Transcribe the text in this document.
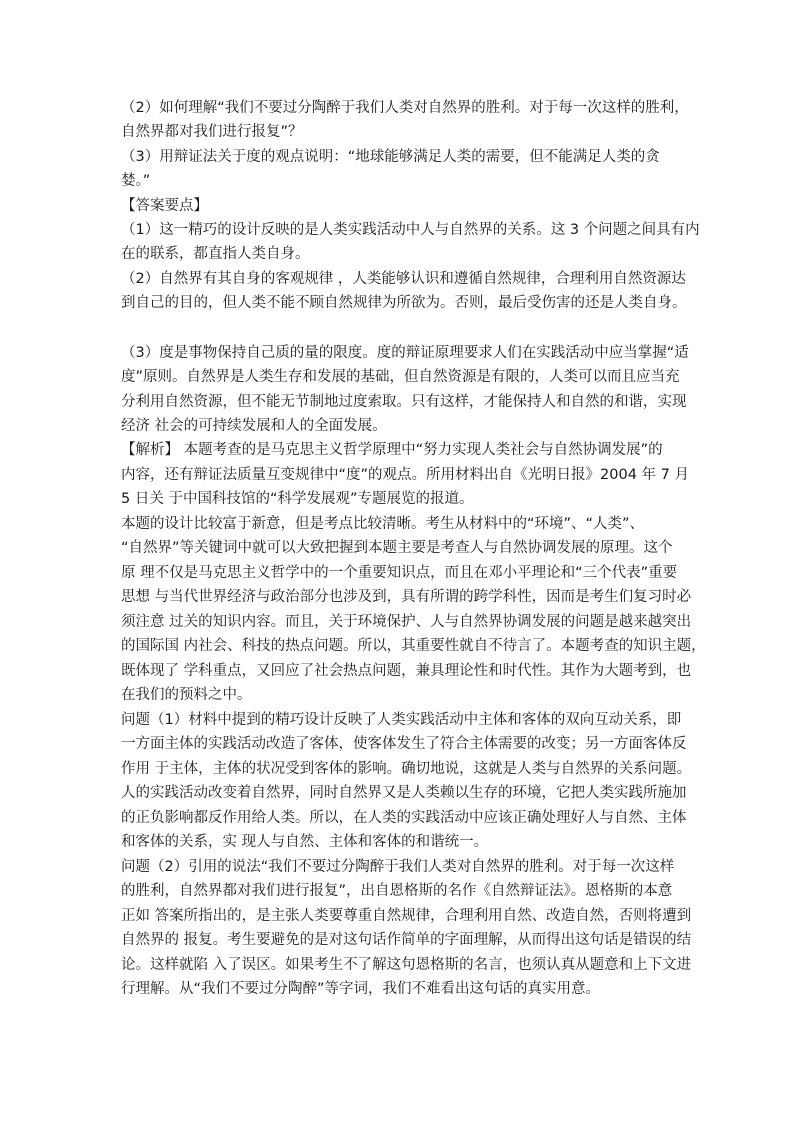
（2）如何理解“我们不要过分陶醉于我们人类对自然界的胜利。对于每一次这样的胜利，
自然界都对我们进行报复”？
（3）用辩证法关于度的观点说明：“地球能够满足人类的需要，但不能满足人类的贪
婪。”
【答案要点】
（1）这一精巧的设计反映的是人类实践活动中人与自然界的关系。这 3 个问题之间具有内
在的联系，都直指人类自身。
（2）自然界有其自身的客观规律 ，人类能够认识和遵循自然规律，合理利用自然资源达
到自己的目的，但人类不能不顾自然规律为所欲为。否则，最后受伤害的还是人类自身。
（3）度是事物保持自己质的量的限度。度的辩证原理要求人们在实践活动中应当掌握“适
度”原则。自然界是人类生存和发展的基础，但自然资源是有限的，人类可以而且应当充
分利用自然资源，但不能无节制地过度索取。只有这样，才能保持人和自然的和谐，实现
经济 社会的可持续发展和人的全面发展。
【解析】 本题考查的是马克思主义哲学原理中“努力实现人类社会与自然协调发展”的
内容，还有辩证法质量互变规律中“度”的观点。所用材料出自《光明日报》2004 年 7 月
5 日关 于中国科技馆的“科学发展观”专题展览的报道。
本题的设计比较富于新意，但是考点比较清晰。考生从材料中的“环境”、“人类”、
“自然界”等关键词中就可以大致把握到本题主要是考查人与自然协调发展的原理。这个
原 理不仅是马克思主义哲学中的一个重要知识点，而且在邓小平理论和“三个代表”重要
思想 与当代世界经济与政治部分也涉及到，具有所谓的跨学科性，因而是考生们复习时必
须注意 过关的知识内容。而且，关于环境保护、人与自然界协调发展的问题是越来越突出
的国际国 内社会、科技的热点问题。所以，其重要性就自不待言了。本题考查的知识主题，
既体现了 学科重点，又回应了社会热点问题，兼具理论性和时代性。其作为大题考到，也
在我们的预料之中。
问题（1）材料中提到的精巧设计反映了人类实践活动中主体和客体的双向互动关系，即
一方面主体的实践活动改造了客体，使客体发生了符合主体需要的改变；另一方面客体反
作用 于主体，主体的状况受到客体的影响。确切地说，这就是人类与自然界的关系问题。
人的实践活动改变着自然界，同时自然界又是人类赖以生存的环境，它把人类实践所施加
的正负影响都反作用给人类。所以，在人类的实践活动中应该正确处理好人与自然、主体
和客体的关系，实 现人与自然、主体和客体的和谐统一。
问题（2）引用的说法“我们不要过分陶醉于我们人类对自然界的胜利。对于每一次这样
的胜利，自然界都对我们进行报复”，出自恩格斯的名作《自然辩证法》。恩格斯的本意
正如 答案所指出的，是主张人类要尊重自然规律，合理利用自然、改造自然，否则将遭到
自然界的 报复。考生要避免的是对这句话作简单的字面理解，从而得出这句话是错误的结
论。这样就陷 入了误区。如果考生不了解这句恩格斯的名言，也须认真从题意和上下文进
行理解。从“我们不要过分陶醉”等字词，我们不难看出这句话的真实用意。
